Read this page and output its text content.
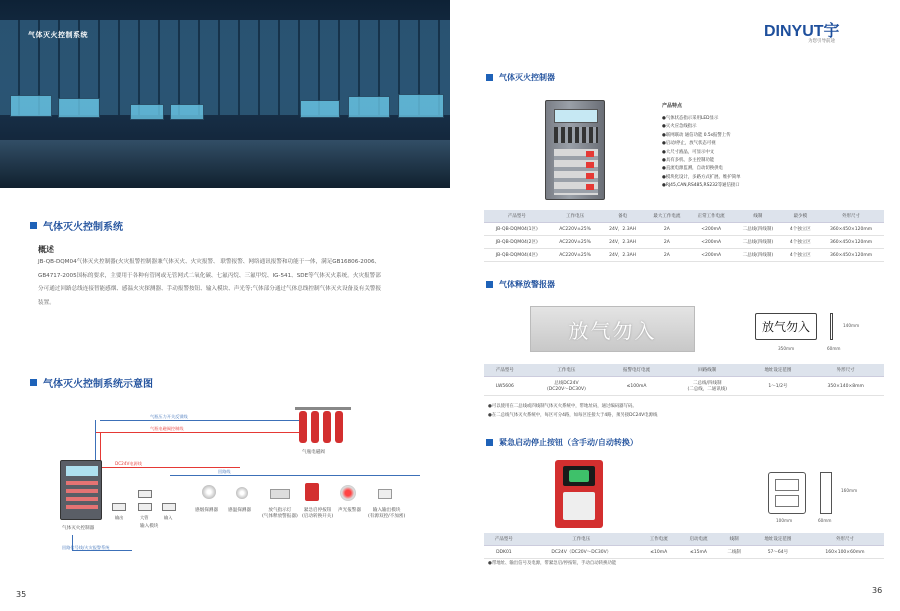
气体灭火控制系统
气体灭火控制系统
概述
JB-QB-DQM04气体灭火控制器(火灾报警控制器兼气体灭火、火灾报警、 联警报警、网络通讯报警和功能于一体，满足GB16806-2006、
GB4717-2005国标的要求，主要用于各种有管网或无管网式二氧化碳、七氟丙烷、三氟甲烷、IG-541、SDE等气体灭火系统。火灾报警部
分可通过回路总线连接智能感烟、感温火灾探测器、手动报警按钮、输入模块、声光等;气体部分通过气体总线控制气体灭火设备及有关警报
装置。
气体灭火控制系统示意图
气瓶压力开关反馈线
气瓶电磁阀控制线
DC24V电源线
回路线
回路信号线/火灾报警系统
气瓶电磁阀
气体灭火控制器
输出	大管	输入
输入模块
感烟探测器 感温探测器	放气指示灯
(气体释放警报器)
紧急启停按钮
(启动转换开关)
声光报警器	输入输出模块
(有源双控/不加密)
35
DINYUT宇
为您引导前途
气体灭火控制器
产品特点
●气体状态指示采用LED显示
●灭火应急线指示
●联网联动 通信功能 0.5s报警上传
●启动/停止，放气状态可视
●大尺寸液晶，可显示中文
●具有多机、多主控制功能
●直流电源监测，自动切换供电
●模块化设计，多路方式扩展、维护简单
●RJ45,CAN,RS485,RS232等通信接口
产品型号	工作电压	备电	最大工作电流	正常工作电流	线制	最少模	外形尺寸
JB-QB-DQM04(1区)	AC220V±25%	24V，2.3AH	2A	<200mA	二总线(四线制)	4个独立区	360×450×120mm
JB-QB-DQM04(2区)	AC220V±25%	24V，2.3AH	2A	<200mA	二总线(四线制)	4个独立区	360×450×120mm
JB-QB-DQM04(4区)	AC220V±25%	24V，2.3AH	2A	<200mA	二总线(四线制)	4个独立区	360×450×120mm
气体释放警报器
放气勿入	放气勿入
350mm
140mm
60mm
产品型号	工作电压	报警电灯电流	回路线制	地址设定范围	外形尺寸
LW5606	总线DC24V
(DC20V～DC30V)	≤100mA	二总线/四线制
(二总线，二通讯线)	1～1/2号	350×140×8mm
●可以使用在二总线或四线制气体灭火系统中，带地址码，通过编码器写码。
●在二总线气体灭火系统中，每区可分4路，如每区连接大于4路，须另接DC24V电源线
紧急启动停止按钮（含手动/自动转换）
100mm
160mm
60mm
产品型号	工作电压	工作电流	启动电流	线制	地址设定范围	外形尺寸
DDK01	DC24V（DC20V～DC30V）	≤10mA	≤15mA	二线制	57～64号	160×100×60mm
●带地址、输出信号及电源，带紧急启/停按钮，手动自动转换功能
36
